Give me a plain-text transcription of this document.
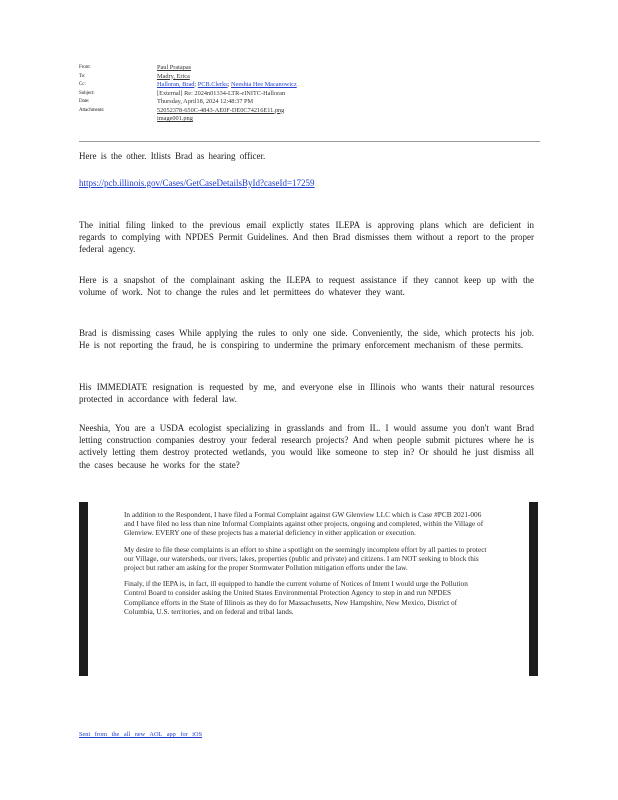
From:	Paul Pratapas
To:	Madry, Erica
Cc:	Halloran, Brad; PCB.Clerks; Neeshia Hee Macanowicz
Subject:	[External] Re: 2024n01334-LTR-eINITC-Halloran
Date:	Thursday, April18, 2024 12:48:37 PM
Attachments:	52052378-650C-4843-AE0F-DE0C74216E11.png
image001.png
Here is the other. Itlists Brad as hearing officer.
https://pcb.illinois.gov/Cases/GetCaseDetailsById?caseId=17259
The initial filing linked to the previous email explictly states ILEPA is approving plans which are deficient in regards to complying with NPDES Permit Guidelines. And then Brad dismisses them without a report to the proper federal agency.
Here is a snapshot of the complainant asking the ILEPA to request assistance if they cannot keep up with the volume of work. Not to change the rules and let permittees do whatever they want.
Brad is dismissing cases While applying the rules to only one side. Conveniently, the side, which protects his job. He is not reporting the fraud, he is conspiring to undermine the primary enforcement mechanism of these permits.
His IMMEDIATE resignation is requested by me, and everyone else in Illinois who wants their natural resources protected in accordance with federal law.
Neeshia, You are a USDA ecologist specializing in grasslands and from IL. I would assume you don't want Brad letting construction companies destroy your federal research projects? And when people submit pictures where he is actively letting them destroy protected wetlands, you would like someone to step in? Or should he just dismiss all the cases because he works for the state?

In addition to the Respondent, I have filed a Formal Complaint against GW Glenview LLC which is Case #PCB 2021-006 and I have filed no less than nine Informal Complaints against other projects, ongoing and completed, within the Village of Glenview. EVERY one of these projects has a material deficiency in either application or execution.

My desire to file these complaints is an effort to shine a spotlight on the seemingly incomplete effort by all parties to protect our Village, our watersheds, our rivers, lakes, properties (public and private) and citizens. I am NOT seeking to block this project but rather am asking for the proper Stormwater Pollution mitigation efforts under the law.

Finaly, if the IEPA is, in fact, ill equipped to handle the current volume of Notices of Intent I would urge the Pollution Control Board to consider asking the United States Environmental Protection Agency to step in and run NPDES Compliance efforts in the State of Illinois as they do for Massachusetts, New Hampshire, New Mexico, District of Columbia, U.S. territories, and on federal and tribal lands.

Sent from the all new AOL app for iOS
